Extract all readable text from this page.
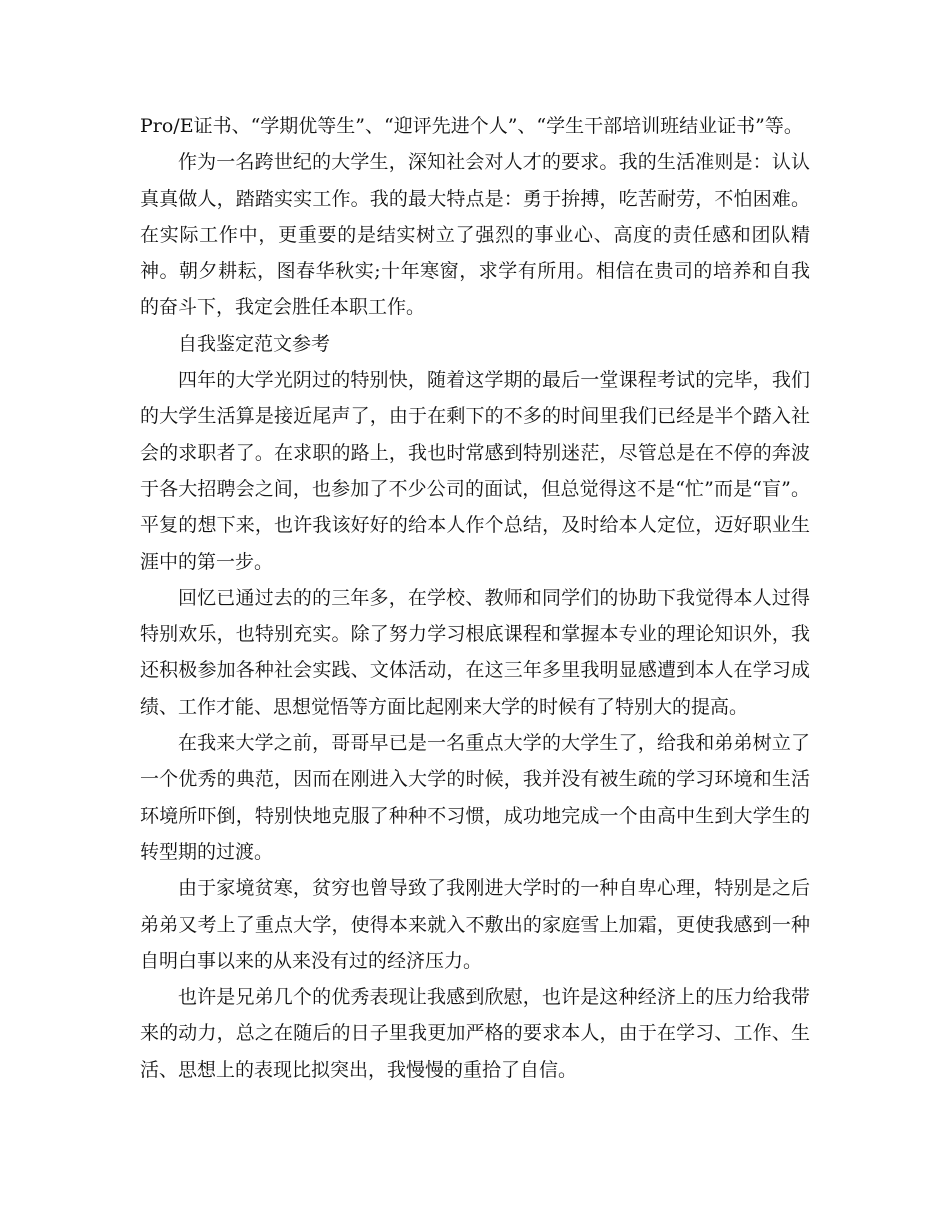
Pro/E证书、“学期优等生”、“迎评先进个人”、“学生干部培训班结业证书”等。

作为一名跨世纪的大学生，深知社会对人才的要求。我的生活准则是：认认真真做人，踏踏实实工作。我的最大特点是：勇于拚搏，吃苦耐劳，不怕困难。在实际工作中，更重要的是结实树立了强烈的事业心、高度的责任感和团队精神。朝夕耕耘，图春华秋实;十年寒窗，求学有所用。相信在贵司的培养和自我的奋斗下，我定会胜任本职工作。

自我鉴定范文参考

四年的大学光阴过的特别快，随着这学期的最后一堂课程考试的完毕，我们的大学生活算是接近尾声了，由于在剩下的不多的时间里我们已经是半个踏入社会的求职者了。在求职的路上，我也时常感到特别迷茫，尽管总是在不停的奔波于各大招聘会之间，也参加了不少公司的面试，但总觉得这不是“忙”而是“盲”。平复的想下来，也许我该好好的给本人作个总结，及时给本人定位，迈好职业生涯中的第一步。

回忆已通过去的的三年多，在学校、教师和同学们的协助下我觉得本人过得特别欢乐，也特别充实。除了努力学习根底课程和掌握本专业的理论知识外，我还积极参加各种社会实践、文体活动，在这三年多里我明显感遭到本人在学习成绩、工作才能、思想觉悟等方面比起刚来大学的时候有了特别大的提高。

在我来大学之前，哥哥早已是一名重点大学的大学生了，给我和弟弟树立了一个优秀的典范，因而在刚进入大学的时候，我并没有被生疏的学习环境和生活环境所吓倒，特别快地克服了种种不习惯，成功地完成一个由高中生到大学生的转型期的过渡。

由于家境贫寒，贫穷也曾导致了我刚进大学时的一种自卑心理，特别是之后弟弟又考上了重点大学，使得本来就入不敷出的家庭雪上加霜，更使我感到一种自明白事以来的从来没有过的经济压力。

也许是兄弟几个的优秀表现让我感到欣慰，也许是这种经济上的压力给我带来的动力，总之在随后的日子里我更加严格的要求本人，由于在学习、工作、生活、思想上的表现比拟突出，我慢慢的重拾了自信。
